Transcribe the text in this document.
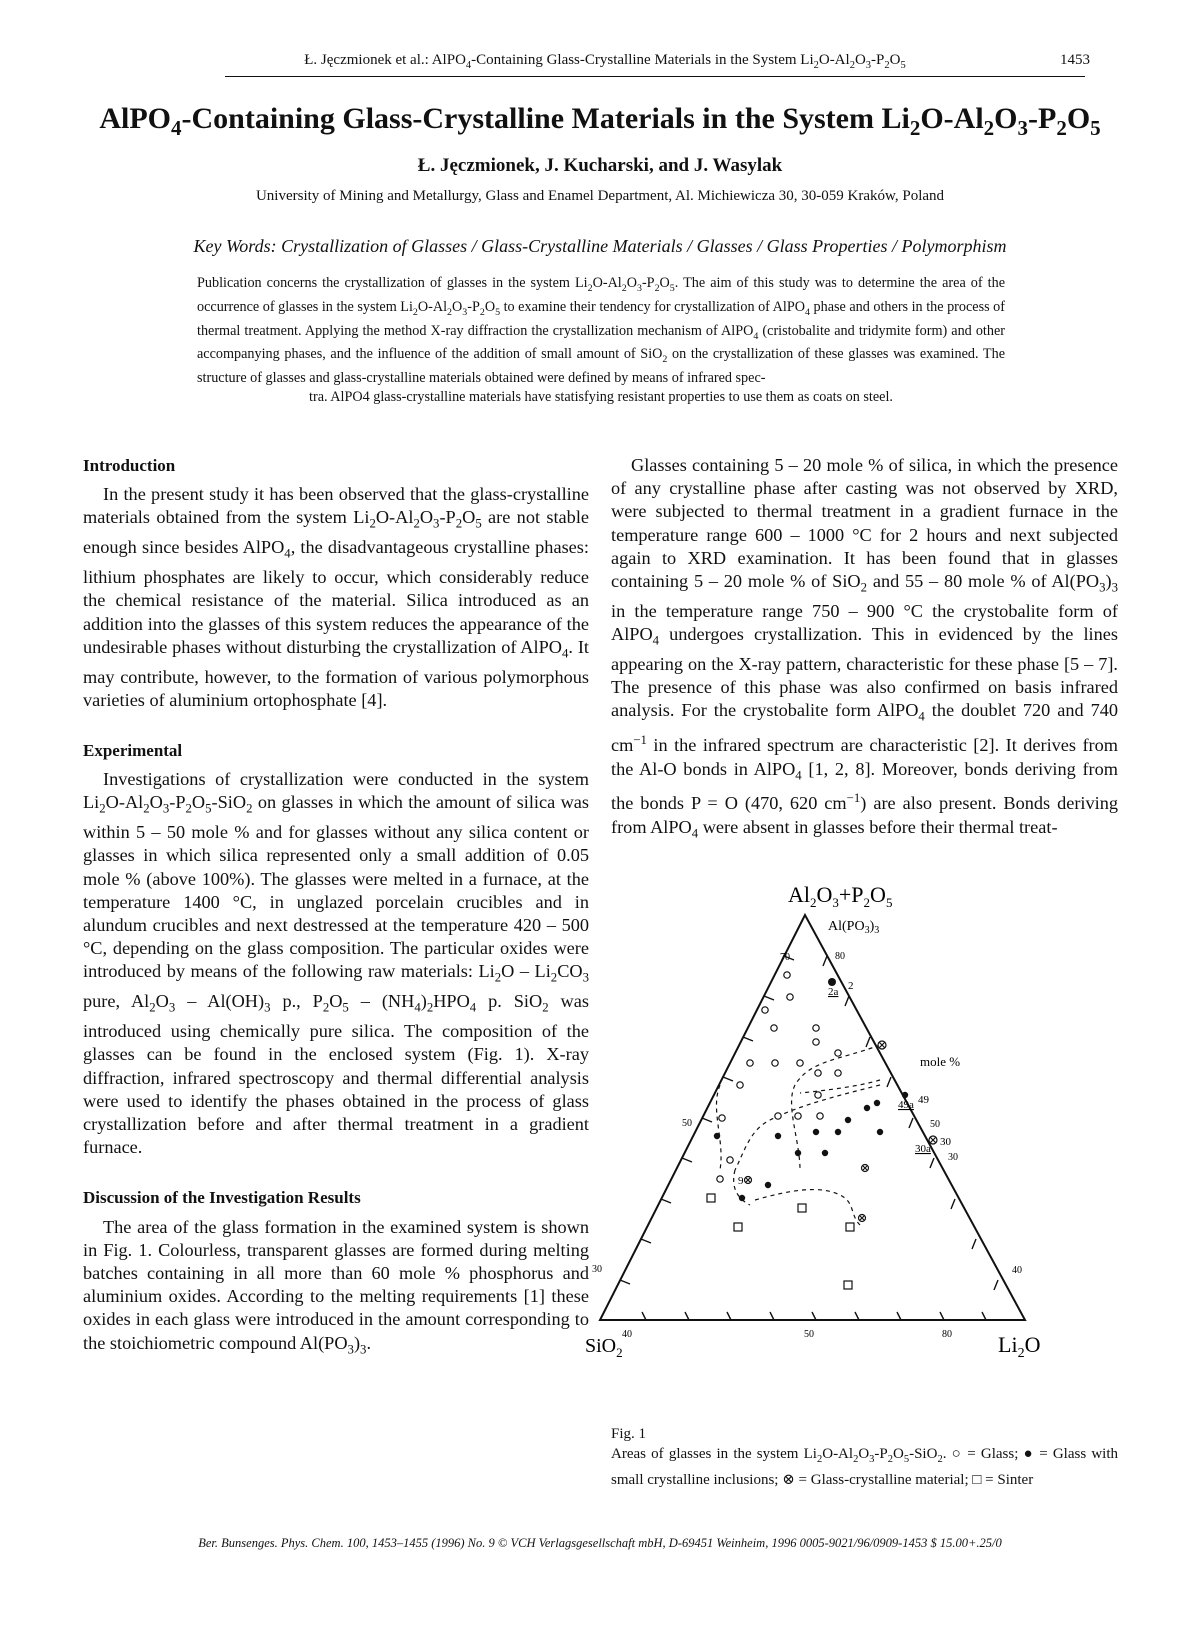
Ł. Jęczmionek et al.: AlPO$_4$-Containing Glass-Crystalline Materials in the System $Li_2O-Al_2O_3-P_2O_5$	1453
AlPO$_4$-Containing Glass-Crystalline Materials in the System $Li_2O-Al_2O_3-P_2O_5$
Ł. Jęczmionek, J. Kucharski, and J. Wasylak
University of Mining and Metallurgy, Glass and Enamel Department, Al. Michiewicza 30, 30-059 Kraków, Poland
Key Words: Crystallization of Glasses / Glass-Crystalline Materials / Glasses / Glass Properties / Polymorphism
Publication concerns the crystallization of glasses in the system $Li_2O-Al_2O_3-P_2O_5$. The aim of this study was to determine the area of the occurrence of glasses in the system $Li_2O-Al_2O_3-P_2O_5$ to examine their tendency for crystallization of AlPO$_4$ phase and others in the process of thermal treatment. Applying the method X-ray diffraction the crystallization mechanism of AlPO$_4$ (cristobalite and tridymite form) and other accompanying phases, and the influence of the addition of small amount of SiO$_2$ on the crystallization of these glasses was examined. The structure of glasses and glass-crystalline materials obtained were defined by means of infrared spec-
tra. AlPO4 glass-crystalline materials have statisfying resistant properties to use them as coats on steel.
Introduction

In the present study it has been observed that the glass-crystalline materials obtained from the system $Li_2O-Al_2O_3-P_2O_5$ are not stable enough since besides AlPO$_4$, the disadvantageous crystalline phases: lithium phosphates are likely to occur, which considerably reduce the chemical resistance of the material. Silica introduced as an addition into the glasses of this system reduces the appearance of the undesirable phases without disturbing the crystallization of AlPO$_4$. It may contribute, however, to the formation of various polymorphous varieties of aluminium ortophosphate [4].

Experimental

Investigations of crystallization were conducted in the system $Li_2O-Al_2O_3-P_2O_5-SiO_2$ on glasses in which the amount of silica was within 5 – 50 mole % and for glasses without any silica content or glasses in which silica represented only a small addition of 0.05 mole % (above 100%). The glasses were melted in a furnace, at the temperature 1400 °C, in unglazed porcelain crucibles and in alundum crucibles and next destressed at the temperature 420 – 500 °C, depending on the glass composition. The particular oxides were introduced by means of the following raw materials: $Li_2O - Li_2CO_3$ pure, $Al_2O_3 - Al(OH)_3$ p., $P_2O_5 - (NH_4)_2HPO_4$ p. SiO$_2$ was introduced using chemically pure silica. The composition of the glasses can be found in the enclosed system (Fig. 1). X-ray diffraction, infrared spectroscopy and thermal differential analysis were used to identify the phases obtained in the process of glass crystallization before and after thermal treatment in a gradient furnace.

Discussion of the Investigation Results

The area of the glass formation in the examined system is shown in Fig. 1. Colourless, transparent glasses are formed during melting batches containing in all more than 60 mole % phosphorus and aluminium oxides. According to the melting requirements [1] these oxides in each glass were introduced in the amount corresponding to the stoichiometric compound $Al(PO_3)_3$.

Glasses containing 5 – 20 mole % of silica, in which the presence of any crystalline phase after casting was not observed by XRD, were subjected to thermal treatment in a gradient furnace in the temperature range 600 – 1000 °C for 2 hours and next subjected again to XRD examination. It has been found that in glasses containing 5 – 20 mole % of SiO$_2$ and 55 – 80 mole % of $Al(PO_3)_3$ in the temperature range 750 – 900 °C the crystobalite form of AlPO$_4$ undergoes crystallization. This in evidenced by the lines appearing on the X-ray pattern, characteristic for these phase [5 – 7]. The presence of this phase was also confirmed on basis infrared analysis. For the crystobalite form AlPO$_4$ the doublet 720 and 740 $cm^{-1}$ in the infrared spectrum are characteristic [2]. It derives from the Al-O bonds in AlPO$_4$ [1, 2, 8]. Moreover, bonds deriving from the bonds P = O (470, 620 $cm^{-1}$) are also present. Bonds deriving from AlPO$_4$ were absent in glasses before their thermal treat-

$Al_2O_3+P_2O_5$
$Al(PO_3)_3$
SiO$_2$	$Li_2O$
mole %
70	80
50
30
50
30
40
40	50	80
2a 2
49
49a
30
30a
9
Fig. 1
Areas of glasses in the system $Li_2O-Al_2O_3-P_2O_5-SiO_2$. ○ = Glass; ● = Glass with small crystalline inclusions; ⊗ = Glass-crystalline material; □ = Sinter
Ber. Bunsenges. Phys. Chem. 100, 1453–1455 (1996) No. 9 © VCH Verlagsgesellschaft mbH, D-69451 Weinheim, 1996 0005-9021/96/0909-1453 $ 15.00+.25/0
